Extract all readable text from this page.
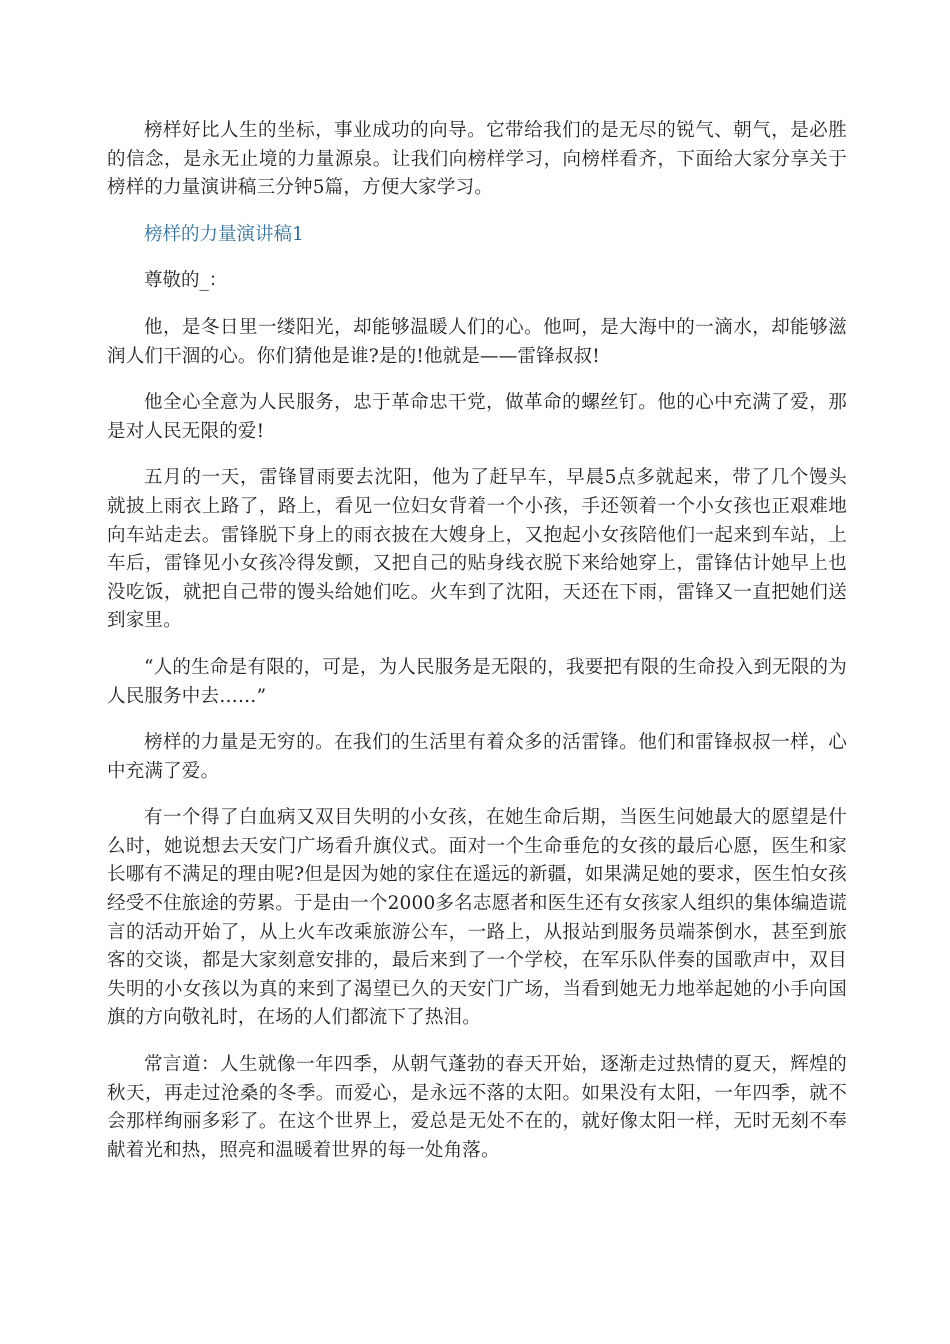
榜样好比人生的坐标，事业成功的向导。它带给我们的是无尽的锐气、朝气，是必胜的信念，是永无止境的力量源泉。让我们向榜样学习，向榜样看齐，下面给大家分享关于榜样的力量演讲稿三分钟5篇，方便大家学习。

榜样的力量演讲稿1

尊敬的_：

他，是冬日里一缕阳光，却能够温暖人们的心。他呵，是大海中的一滴水，却能够滋润人们干涸的心。你们猜他是谁?是的!他就是——雷锋叔叔!

他全心全意为人民服务，忠于革命忠干党，做革命的螺丝钉。他的心中充满了爱，那是对人民无限的爱!

五月的一天，雷锋冒雨要去沈阳，他为了赶早车，早晨5点多就起来，带了几个馒头就披上雨衣上路了，路上，看见一位妇女背着一个小孩，手还领着一个小女孩也正艰难地向车站走去。雷锋脱下身上的雨衣披在大嫂身上，又抱起小女孩陪他们一起来到车站，上车后，雷锋见小女孩冷得发颤，又把自己的贴身线衣脱下来给她穿上，雷锋估计她早上也没吃饭，就把自己带的馒头给她们吃。火车到了沈阳，天还在下雨，雷锋又一直把她们送到家里。

“人的生命是有限的，可是，为人民服务是无限的，我要把有限的生命投入到无限的为人民服务中去……”

榜样的力量是无穷的。在我们的生活里有着众多的活雷锋。他们和雷锋叔叔一样，心中充满了爱。

有一个得了白血病又双目失明的小女孩，在她生命后期，当医生问她最大的愿望是什么时，她说想去天安门广场看升旗仪式。面对一个生命垂危的女孩的最后心愿，医生和家长哪有不满足的理由呢?但是因为她的家住在遥远的新疆，如果满足她的要求，医生怕女孩经受不住旅途的劳累。于是由一个2000多名志愿者和医生还有女孩家人组织的集体编造谎言的活动开始了，从上火车改乘旅游公车，一路上，从报站到服务员端茶倒水，甚至到旅客的交谈，都是大家刻意安排的，最后来到了一个学校，在军乐队伴奏的国歌声中，双目失明的小女孩以为真的来到了渴望已久的天安门广场，当看到她无力地举起她的小手向国旗的方向敬礼时，在场的人们都流下了热泪。

常言道：人生就像一年四季，从朝气蓬勃的春天开始，逐渐走过热情的夏天，辉煌的秋天，再走过沧桑的冬季。而爱心，是永远不落的太阳。如果没有太阳，一年四季，就不会那样绚丽多彩了。在这个世界上，爱总是无处不在的，就好像太阳一样，无时无刻不奉献着光和热，照亮和温暖着世界的每一处角落。
